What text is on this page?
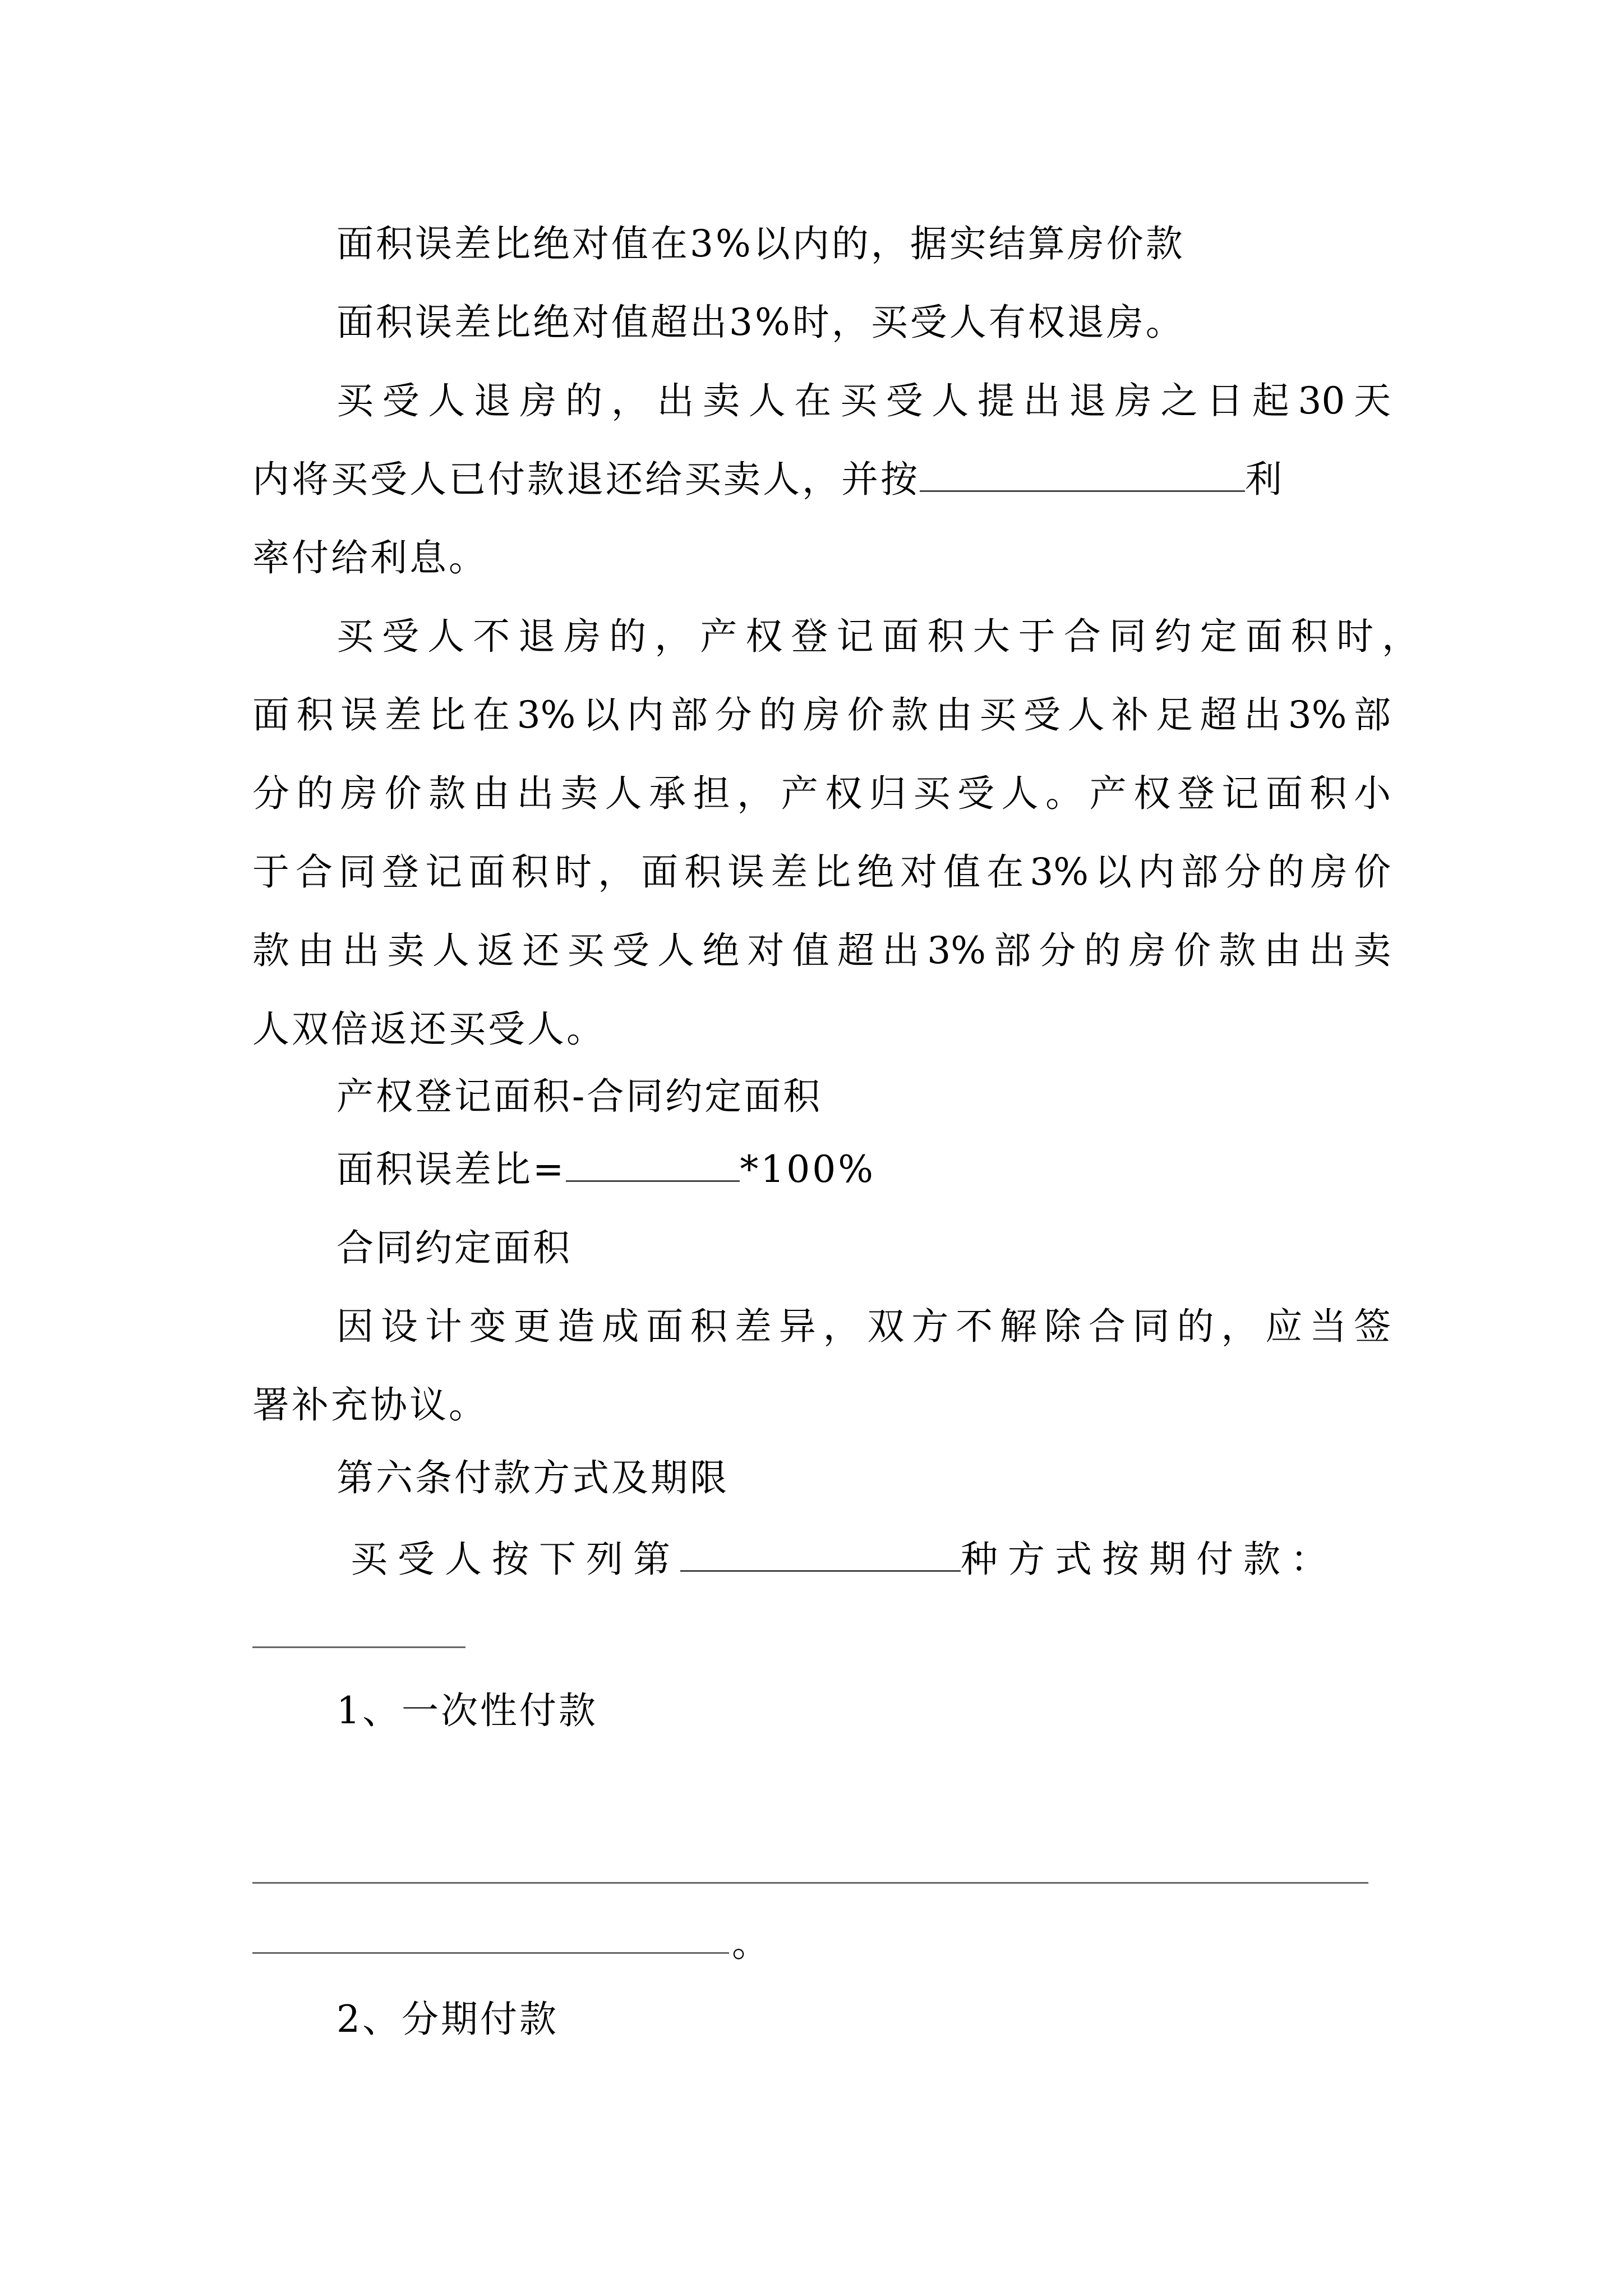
面积误差比绝对值在3%以内的，据实结算房价款
面积误差比绝对值超出3%时，买受人有权退房。
买受人退房的，出卖人在买受人提出退房之日起30天
内将买受人已付款退还给买卖人，并按	利
率付给利息。
买受人不退房的，产权登记面积大于合同约定面积时，
面积误差比在3%以内部分的房价款由买受人补足超出3%部
分的房价款由出卖人承担，产权归买受人。产权登记面积小
于合同登记面积时，面积误差比绝对值在3%以内部分的房价
款由出卖人返还买受人绝对值超出3%部分的房价款由出卖
人双倍返还买受人。
产权登记面积-合同约定面积
面积误差比=	*100%
合同约定面积
因设计变更造成面积差异，双方不解除合同的，应当签
署补充协议。
第六条付款方式及期限
买受人按下列第	种方式按期付款：
1、一次性付款
。
2、分期付款
